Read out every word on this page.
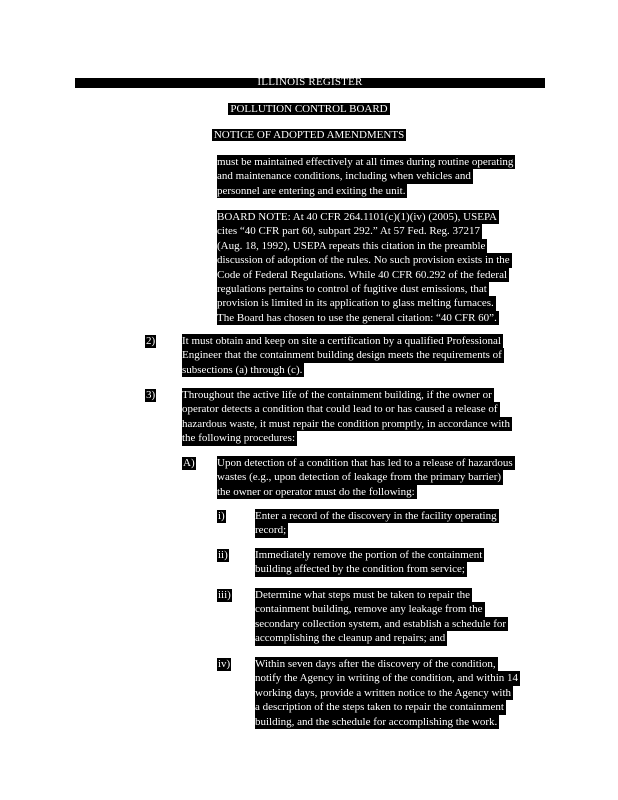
ILLINOIS REGISTER
POLLUTION CONTROL BOARD
NOTICE OF ADOPTED AMENDMENTS
must be maintained effectively at all times during routine operating
and maintenance conditions, including when vehicles and
personnel are entering and exiting the unit.
BOARD NOTE: At 40 CFR 264.1101(c)(1)(iv) (2005), USEPA
cites “40 CFR part 60, subpart 292.” At 57 Fed. Reg. 37217
(Aug. 18, 1992), USEPA repeats this citation in the preamble
discussion of adoption of the rules. No such provision exists in the
Code of Federal Regulations. While 40 CFR 60.292 of the federal
regulations pertains to control of fugitive dust emissions, that
provision is limited in its application to glass melting furnaces.
The Board has chosen to use the general citation: “40 CFR 60”.
2) It must obtain and keep on site a certification by a qualified Professional
Engineer that the containment building design meets the requirements of
subsections (a) through (c).
3) Throughout the active life of the containment building, if the owner or
operator detects a condition that could lead to or has caused a release of
hazardous waste, it must repair the condition promptly, in accordance with
the following procedures:
A) Upon detection of a condition that has led to a release of hazardous
wastes (e.g., upon detection of leakage from the primary barrier)
the owner or operator must do the following:
i)	Enter a record of the discovery in the facility operating
record;
ii) Immediately remove the portion of the containment
building affected by the condition from service;
iii) Determine what steps must be taken to repair the
containment building, remove any leakage from the
secondary collection system, and establish a schedule for
accomplishing the cleanup and repairs; and
iv) Within seven days after the discovery of the condition,
notify the Agency in writing of the condition, and within 14
working days, provide a written notice to the Agency with
a description of the steps taken to repair the containment
building, and the schedule for accomplishing the work.
